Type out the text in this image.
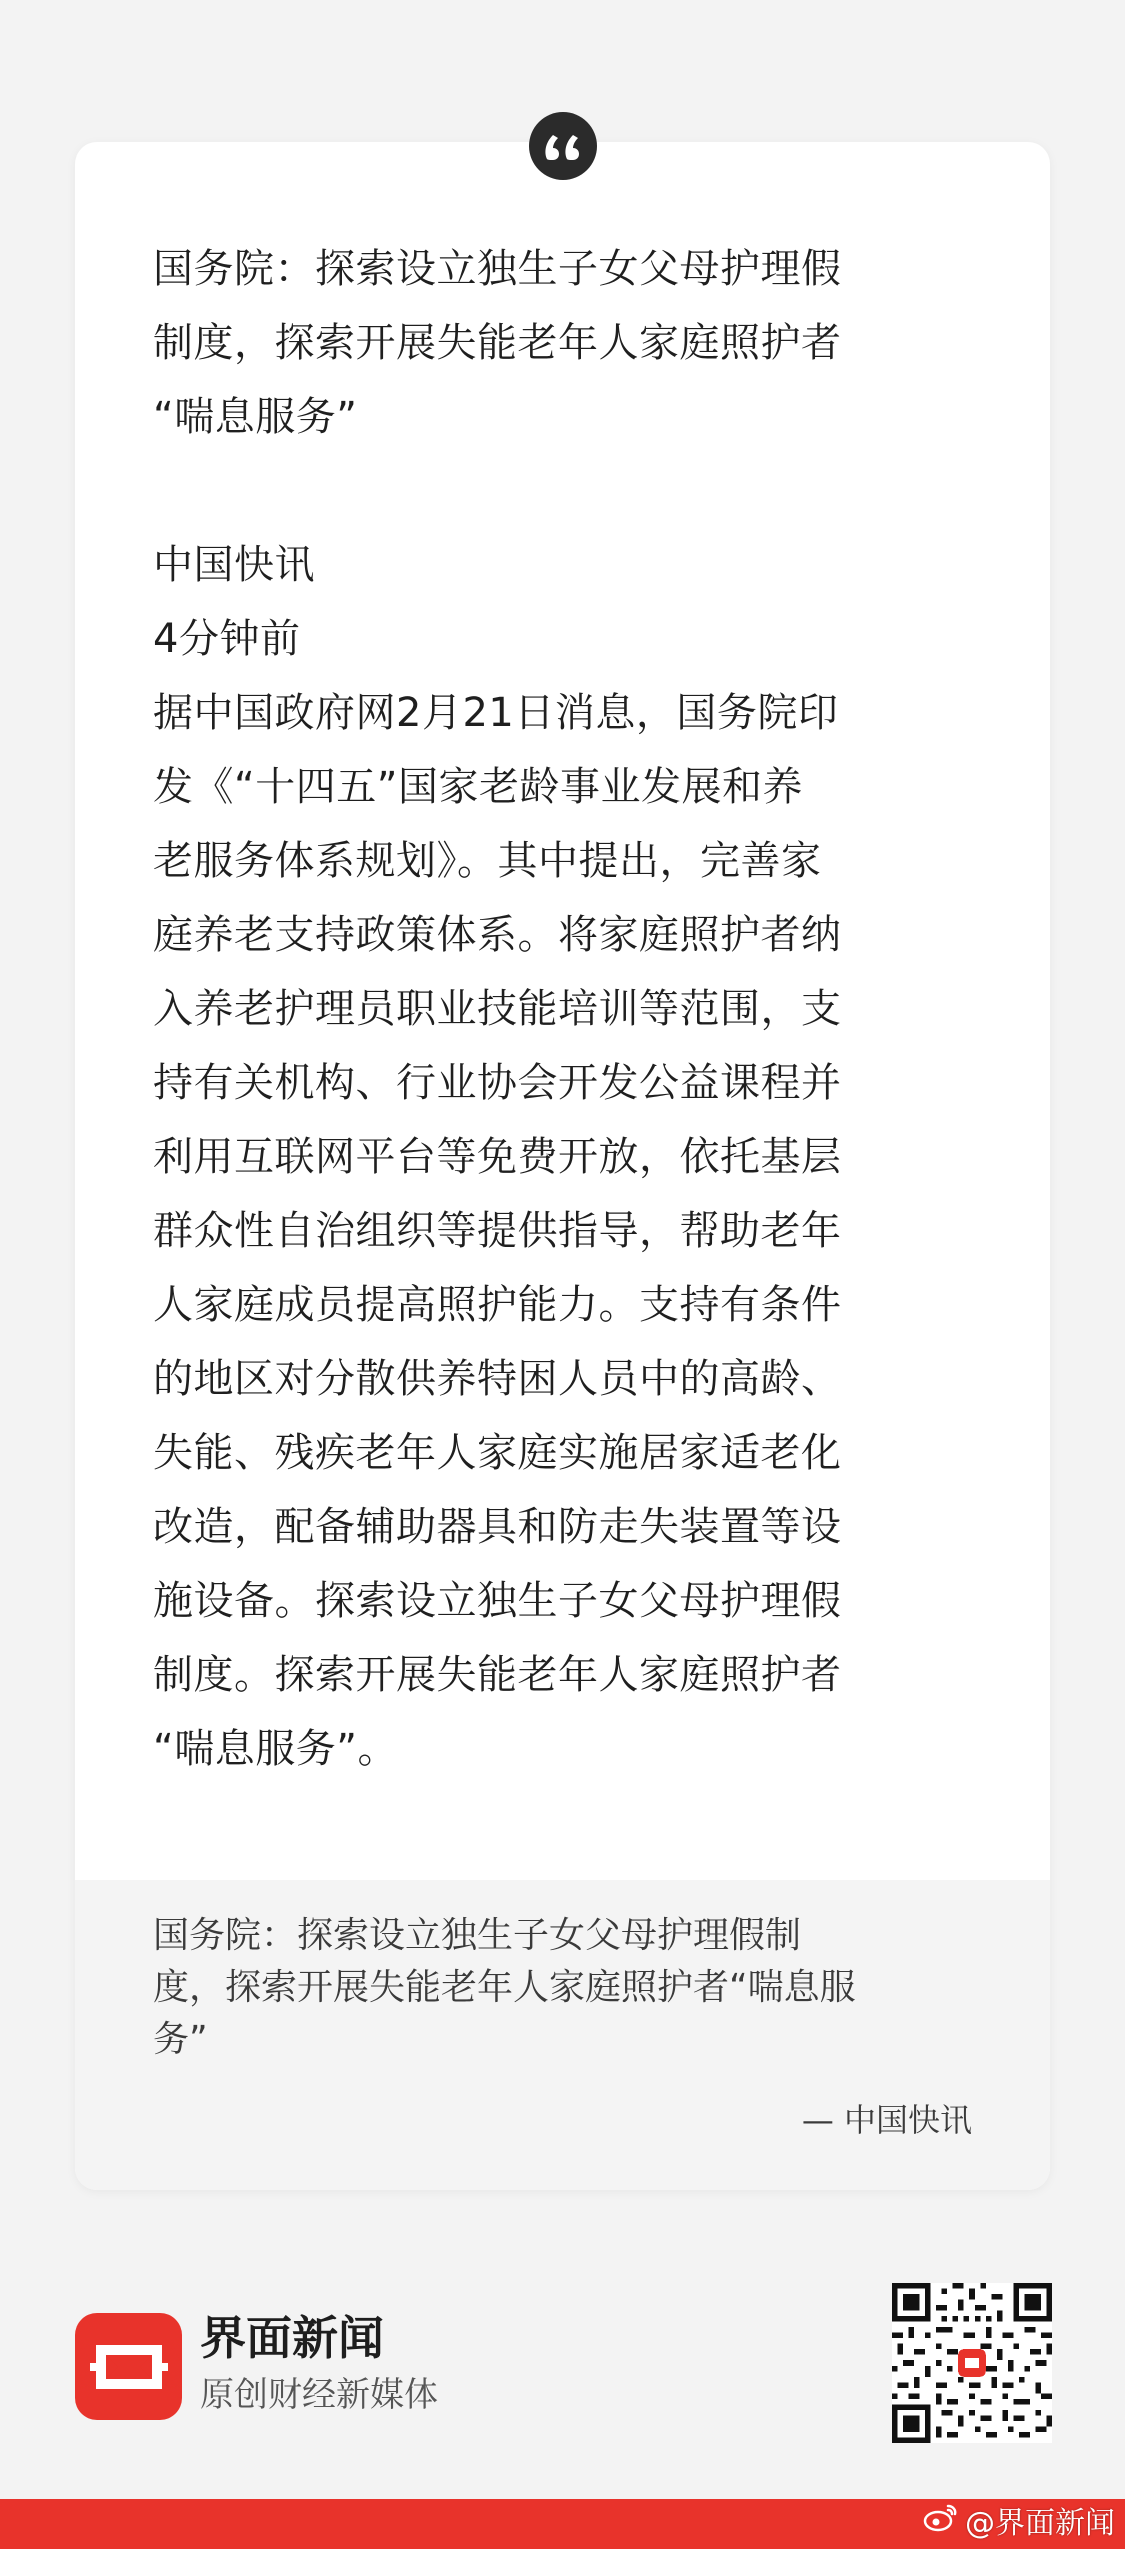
国务院：探索设立独生子女父母护理假
制度，探索开展失能老年人家庭照护者
“喘息服务”
中国快讯
4分钟前
据中国政府网2月21日消息，国务院印
发《“十四五”国家老龄事业发展和养
老服务体系规划》。其中提出，完善家
庭养老支持政策体系。将家庭照护者纳
入养老护理员职业技能培训等范围，支
持有关机构、行业协会开发公益课程并
利用互联网平台等免费开放，依托基层
群众性自治组织等提供指导，帮助老年
人家庭成员提高照护能力。支持有条件
的地区对分散供养特困人员中的高龄、
失能、残疾老年人家庭实施居家适老化
改造，配备辅助器具和防走失装置等设
施设备。探索设立独生子女父母护理假
制度。探索开展失能老年人家庭照护者
“喘息服务”。
国务院：探索设立独生子女父母护理假制
度，探索开展失能老年人家庭照护者“喘息服
务”
— 中国快讯
界面新闻
原创财经新媒体
@界面新闻
